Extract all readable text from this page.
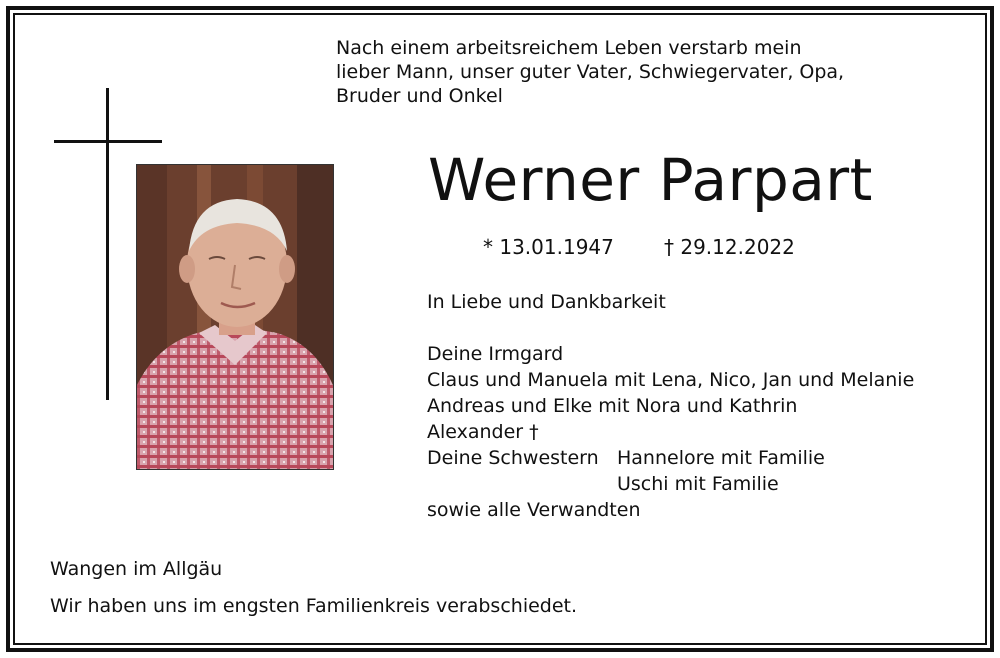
Nach einem arbeitsreichem Leben verstarb mein
lieber Mann, unser guter Vater, Schwiegervater, Opa,
Bruder und Onkel
Werner Parpart
* 13.01.1947	† 29.12.2022
In Liebe und Dankbarkeit
Deine Irmgard
Claus und Manuela mit Lena, Nico, Jan und Melanie
Andreas und Elke mit Nora und Kathrin
Alexander †
Deine Schwestern Hannelore mit Familie
Uschi mit Familie
sowie alle Verwandten
Wangen im Allgäu
Wir haben uns im engsten Familienkreis verabschiedet.
